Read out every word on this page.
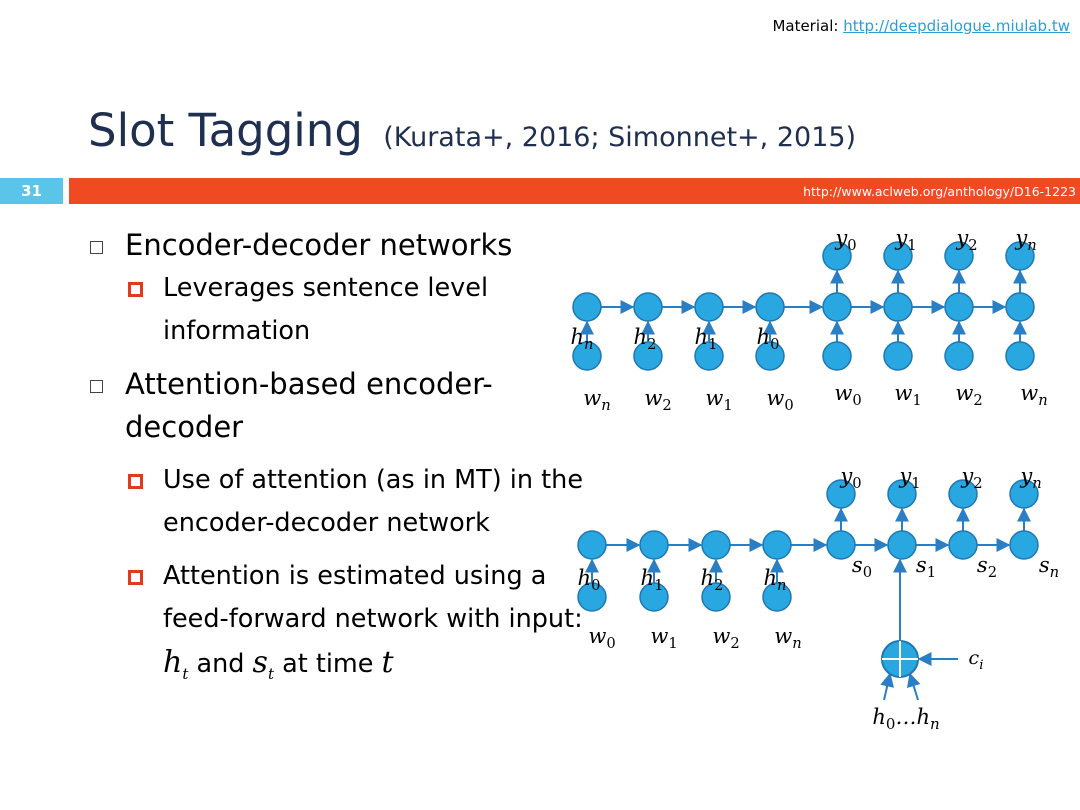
Material: http://deepdialogue.miulab.tw
Slot Tagging (Kurata+, 2016; Simonnet+, 2015)
31	http://www.aclweb.org/anthology/D16-1223
Encoder-decoder networks
Leverages sentence level information
Attention-based encoder-decoder
Use of attention (as in MT) in the encoder-decoder network
Attention is estimated using a feed-forward network with input: $h_t$ and $s_t$ at time t
$y_0$ $y_1$ $y_2$ $y_n$
$h_n$ $h_2$ $h_1$ $h_0$
$w_n$ $w_2$ $w_1$ $w_0$
$w_0$ $w_1$ $w_2$ $w_n$
$y_0$ $y_1$ $y_2$ $y_n$
$h_0$ $h_1$ $h_2$ $h_n$
$w_0$ $w_1$ $w_2$ $w_n$
$s_0$ $s_1$ $s_2$ $s_n$
$c_i$
$h_0\dots h_n$
